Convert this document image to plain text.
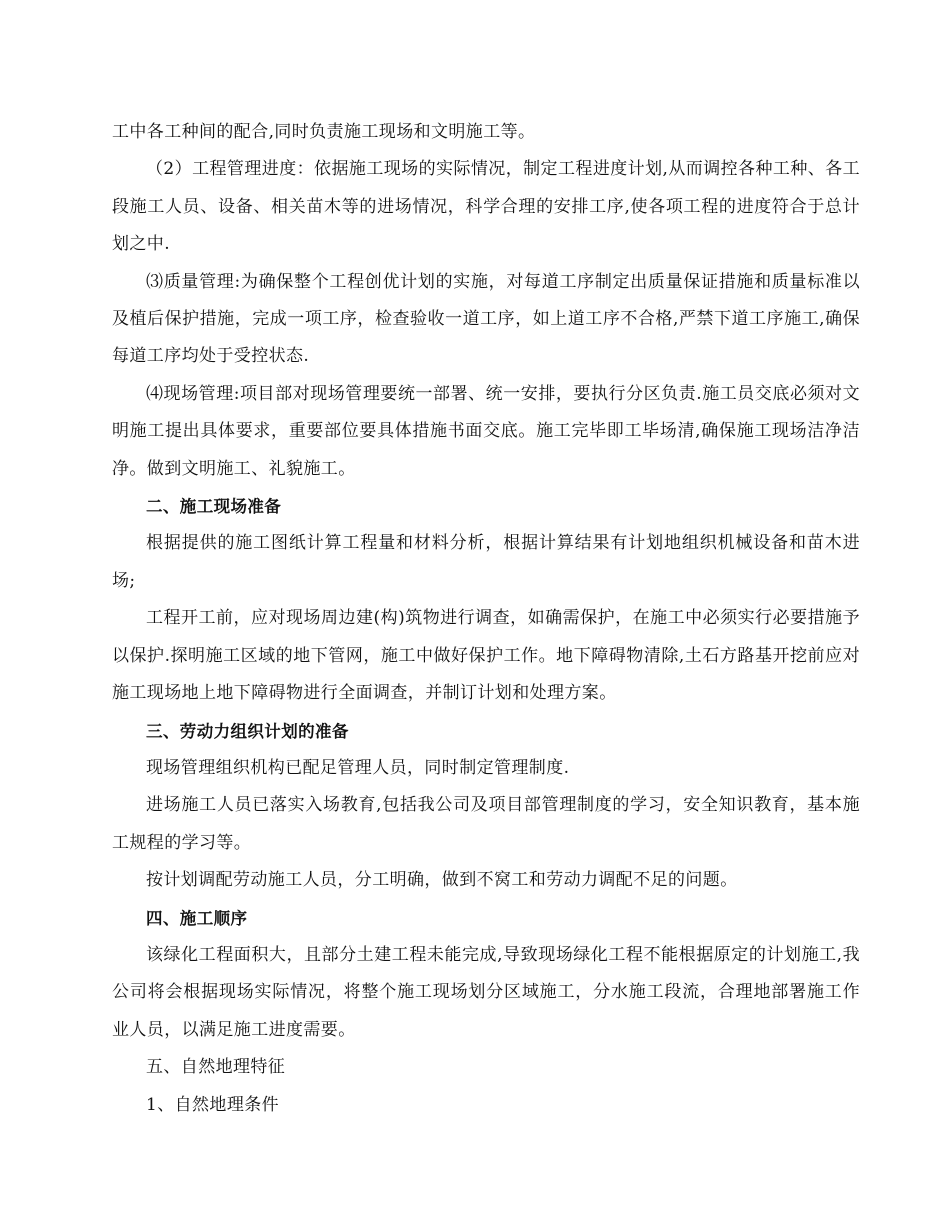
工中各工种间的配合,同时负责施工现场和文明施工等。

（2）工程管理进度：依据施工现场的实际情况，制定工程进度计划,从而调控各种工种、各工段施工人员、设备、相关苗木等的进场情况，科学合理的安排工序,使各项工程的进度符合于总计划之中.

⑶质量管理:为确保整个工程创优计划的实施，对每道工序制定出质量保证措施和质量标准以及植后保护措施，完成一项工序，检查验收一道工序，如上道工序不合格,严禁下道工序施工,确保每道工序均处于受控状态.

⑷现场管理:项目部对现场管理要统一部署、统一安排，要执行分区负责.施工员交底必须对文明施工提出具体要求，重要部位要具体措施书面交底。施工完毕即工毕场清,确保施工现场洁净洁净。做到文明施工、礼貌施工。

二、施工现场准备

根据提供的施工图纸计算工程量和材料分析，根据计算结果有计划地组织机械设备和苗木进场;

工程开工前，应对现场周边建(构)筑物进行调查，如确需保护，在施工中必须实行必要措施予以保护.探明施工区域的地下管网，施工中做好保护工作。地下障碍物清除,土石方路基开挖前应对施工现场地上地下障碍物进行全面调查，并制订计划和处理方案。

三、劳动力组织计划的准备

现场管理组织机构已配足管理人员，同时制定管理制度.

进场施工人员已落实入场教育,包括我公司及项目部管理制度的学习，安全知识教育，基本施工规程的学习等。

按计划调配劳动施工人员，分工明确，做到不窝工和劳动力调配不足的问题。

四、施工顺序

该绿化工程面积大，且部分土建工程未能完成,导致现场绿化工程不能根据原定的计划施工,我公司将会根据现场实际情况，将整个施工现场划分区域施工，分水施工段流，合理地部署施工作业人员，以满足施工进度需要。

五、自然地理特征

1、自然地理条件
